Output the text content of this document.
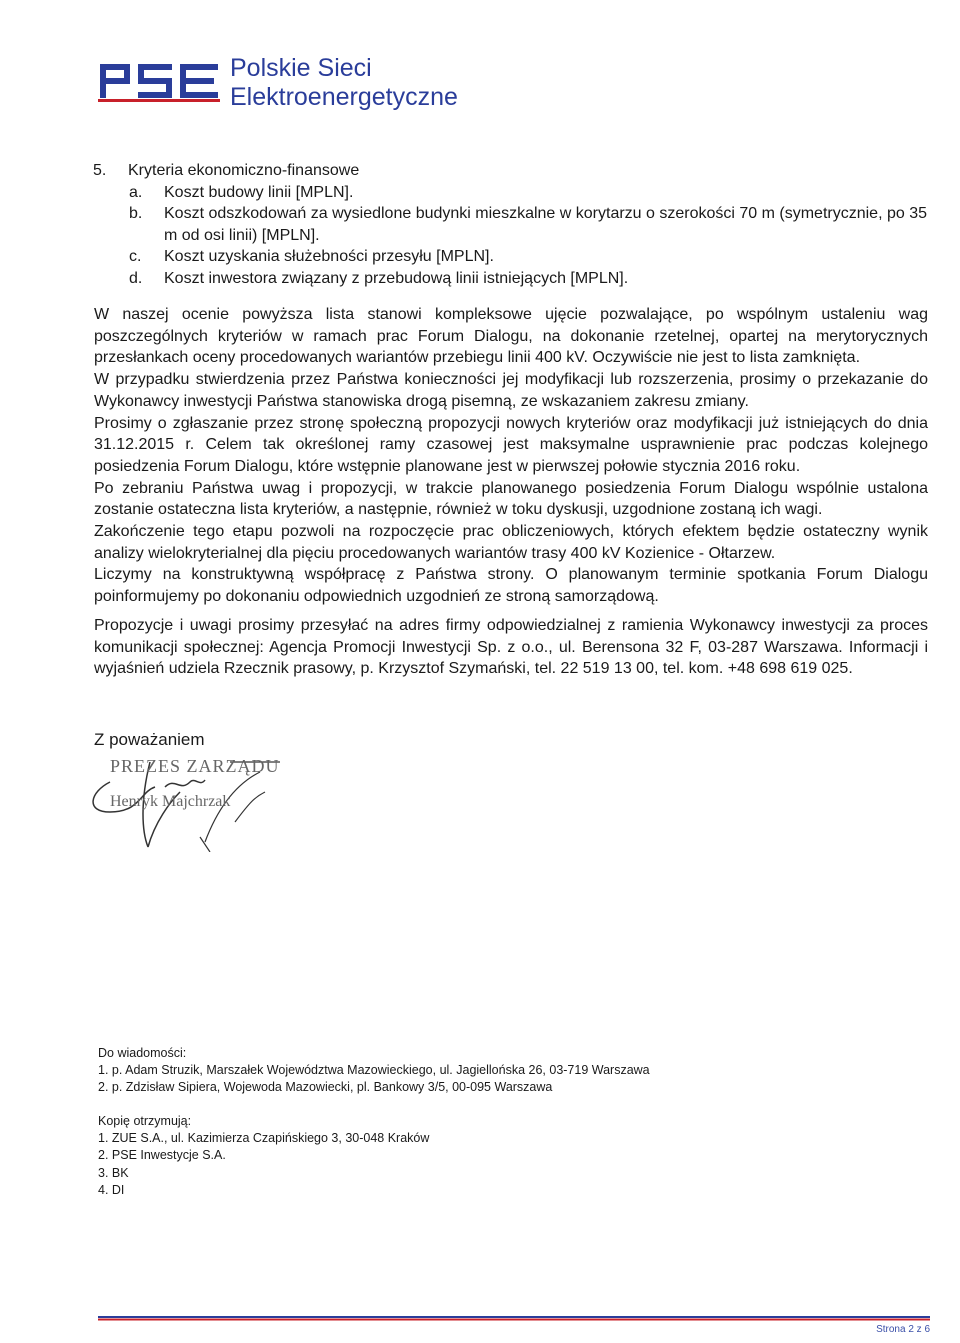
Polskie Sieci
Elektroenergetyczne
5.	Kryteria ekonomiczno-finansowe
a.	Koszt budowy linii [MPLN].
b.	Koszt odszkodowań za wysiedlone budynki mieszkalne w korytarzu o szerokości 70 m (symetrycznie, po 35 m od osi linii) [MPLN].
c.	Koszt uzyskania służebności przesyłu [MPLN].
d.	Koszt inwestora związany z przebudową linii istniejących [MPLN].

W naszej ocenie powyższa lista stanowi kompleksowe ujęcie pozwalające, po wspólnym ustaleniu wag poszczególnych kryteriów w ramach prac Forum Dialogu, na dokonanie rzetelnej, opartej na merytorycznych przesłankach oceny procedowanych wariantów przebiegu linii 400 kV. Oczywiście nie jest to lista zamknięta.

W przypadku stwierdzenia przez Państwa konieczności jej modyfikacji lub rozszerzenia, prosimy o przekazanie do Wykonawcy inwestycji Państwa stanowiska drogą pisemną, ze wskazaniem zakresu zmiany.

Prosimy o zgłaszanie przez stronę społeczną propozycji nowych kryteriów oraz modyfikacji już istniejących do dnia 31.12.2015 r. Celem tak określonej ramy czasowej jest maksymalne usprawnienie prac podczas kolejnego posiedzenia Forum Dialogu, które wstępnie planowane jest w pierwszej połowie stycznia 2016 roku.

Po zebraniu Państwa uwag i propozycji, w trakcie planowanego posiedzenia Forum Dialogu wspólnie ustalona zostanie ostateczna lista kryteriów, a następnie, również w toku dyskusji, uzgodnione zostaną ich wagi.

Zakończenie tego etapu pozwoli na rozpoczęcie prac obliczeniowych, których efektem będzie ostateczny wynik analizy wielokryterialnej dla pięciu procedowanych wariantów trasy 400 kV Kozienice - Ołtarzew.

Liczymy na konstruktywną współpracę z Państwa strony. O planowanym terminie spotkania Forum Dialogu poinformujemy po dokonaniu odpowiednich uzgodnień ze stroną samorządową.

Propozycje i uwagi prosimy przesyłać na adres firmy odpowiedzialnej z ramienia Wykonawcy inwestycji za proces komunikacji społecznej: Agencja Promocji Inwestycji Sp. z o.o., ul. Berensona 32 F, 03-287 Warszawa. Informacji i wyjaśnień udziela Rzecznik prasowy, p. Krzysztof Szymański, tel. 22 519 13 00, tel. kom. +48 698 619 025.

Z poważaniem
PREZES ZARZĄDU
Henryk Majchrzak

Do wiadomości:

1. p. Adam Struzik, Marszałek Województwa Mazowieckiego, ul. Jagiellońska 26, 03-719 Warszawa

2. p. Zdzisław Sipiera, Wojewoda Mazowiecki, pl. Bankowy 3/5, 00-095 Warszawa

Kopię otrzymują:

1. ZUE S.A., ul. Kazimierza Czapińskiego 3, 30-048 Kraków

2. PSE Inwestycje S.A.

3. BK

4. DI

Strona 2 z 6
